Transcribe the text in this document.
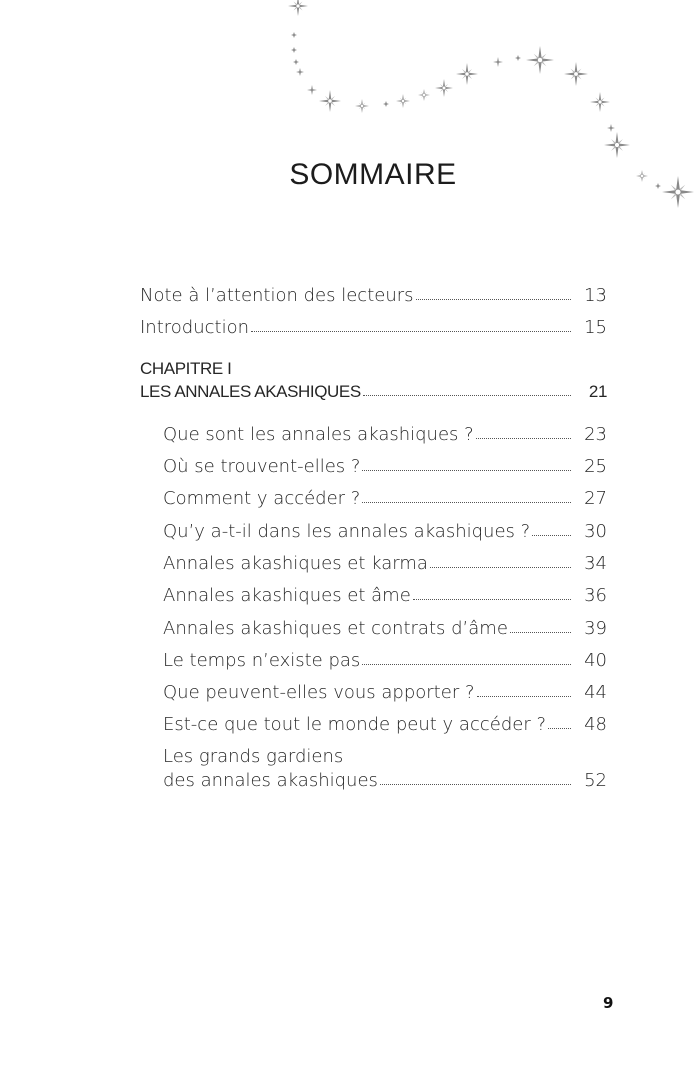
SOMMAIRE
Note à l’attention des lecteurs	13
Introduction	15
CHAPITRE I
LES ANNALES AKASHIQUES	21
Que sont les annales akashiques ?	23
Où se trouvent-elles ?	25
Comment y accéder ?	27
Qu’y a-t-il dans les annales akashiques ?	30
Annales akashiques et karma	34
Annales akashiques et âme	36
Annales akashiques et contrats d’âme	39
Le temps n’existe pas	40
Que peuvent-elles vous apporter ?	44
Est-ce que tout le monde peut y accéder ?	48
Les grands gardiens
des annales akashiques	52
9
